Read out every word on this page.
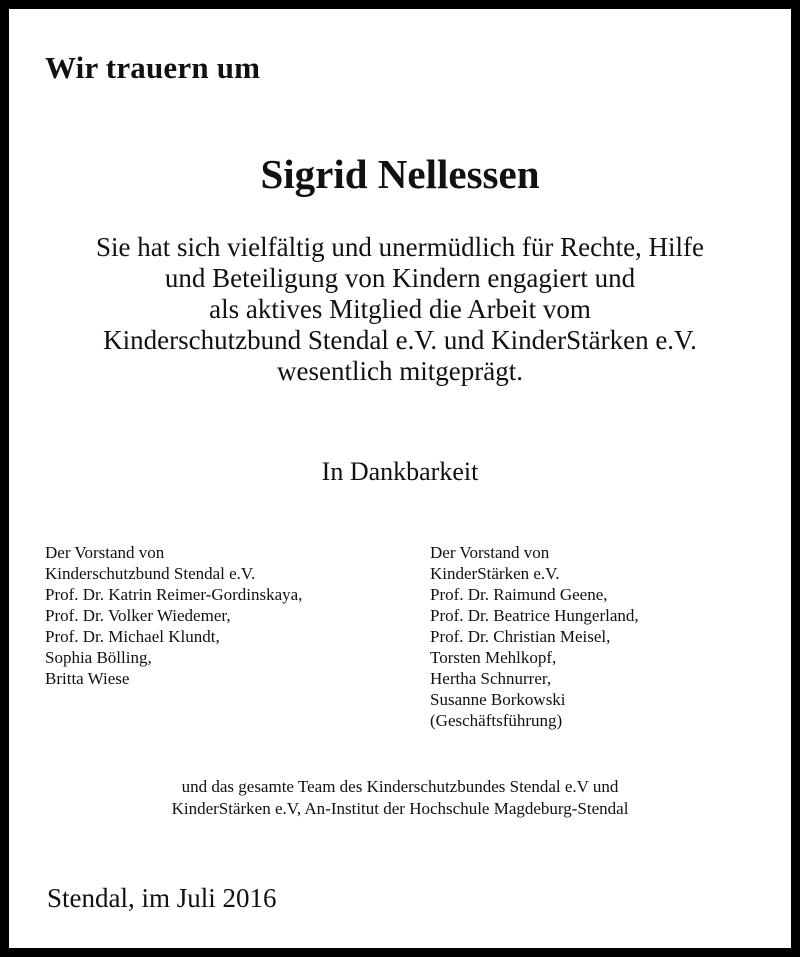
Wir trauern um
Sigrid Nellessen
Sie hat sich vielfältig und unermüdlich für Rechte, Hilfe
und Beteiligung von Kindern engagiert und
als aktives Mitglied die Arbeit vom
Kinderschutzbund Stendal e.V. und KinderStärken e.V.
wesentlich mitgeprägt.
In Dankbarkeit
Der Vorstand von
Kinderschutzbund Stendal e.V.
Prof. Dr. Katrin Reimer-Gordinskaya,
Prof. Dr. Volker Wiedemer,
Prof. Dr. Michael Klundt,
Sophia Bölling,
Britta Wiese
Der Vorstand von
KinderStärken e.V.
Prof. Dr. Raimund Geene,
Prof. Dr. Beatrice Hungerland,
Prof. Dr. Christian Meisel,
Torsten Mehlkopf,
Hertha Schnurrer,
Susanne Borkowski
(Geschäftsführung)
und das gesamte Team des Kinderschutzbundes Stendal e.V und
KinderStärken e.V, An-Institut der Hochschule Magdeburg-Stendal
Stendal, im Juli 2016
